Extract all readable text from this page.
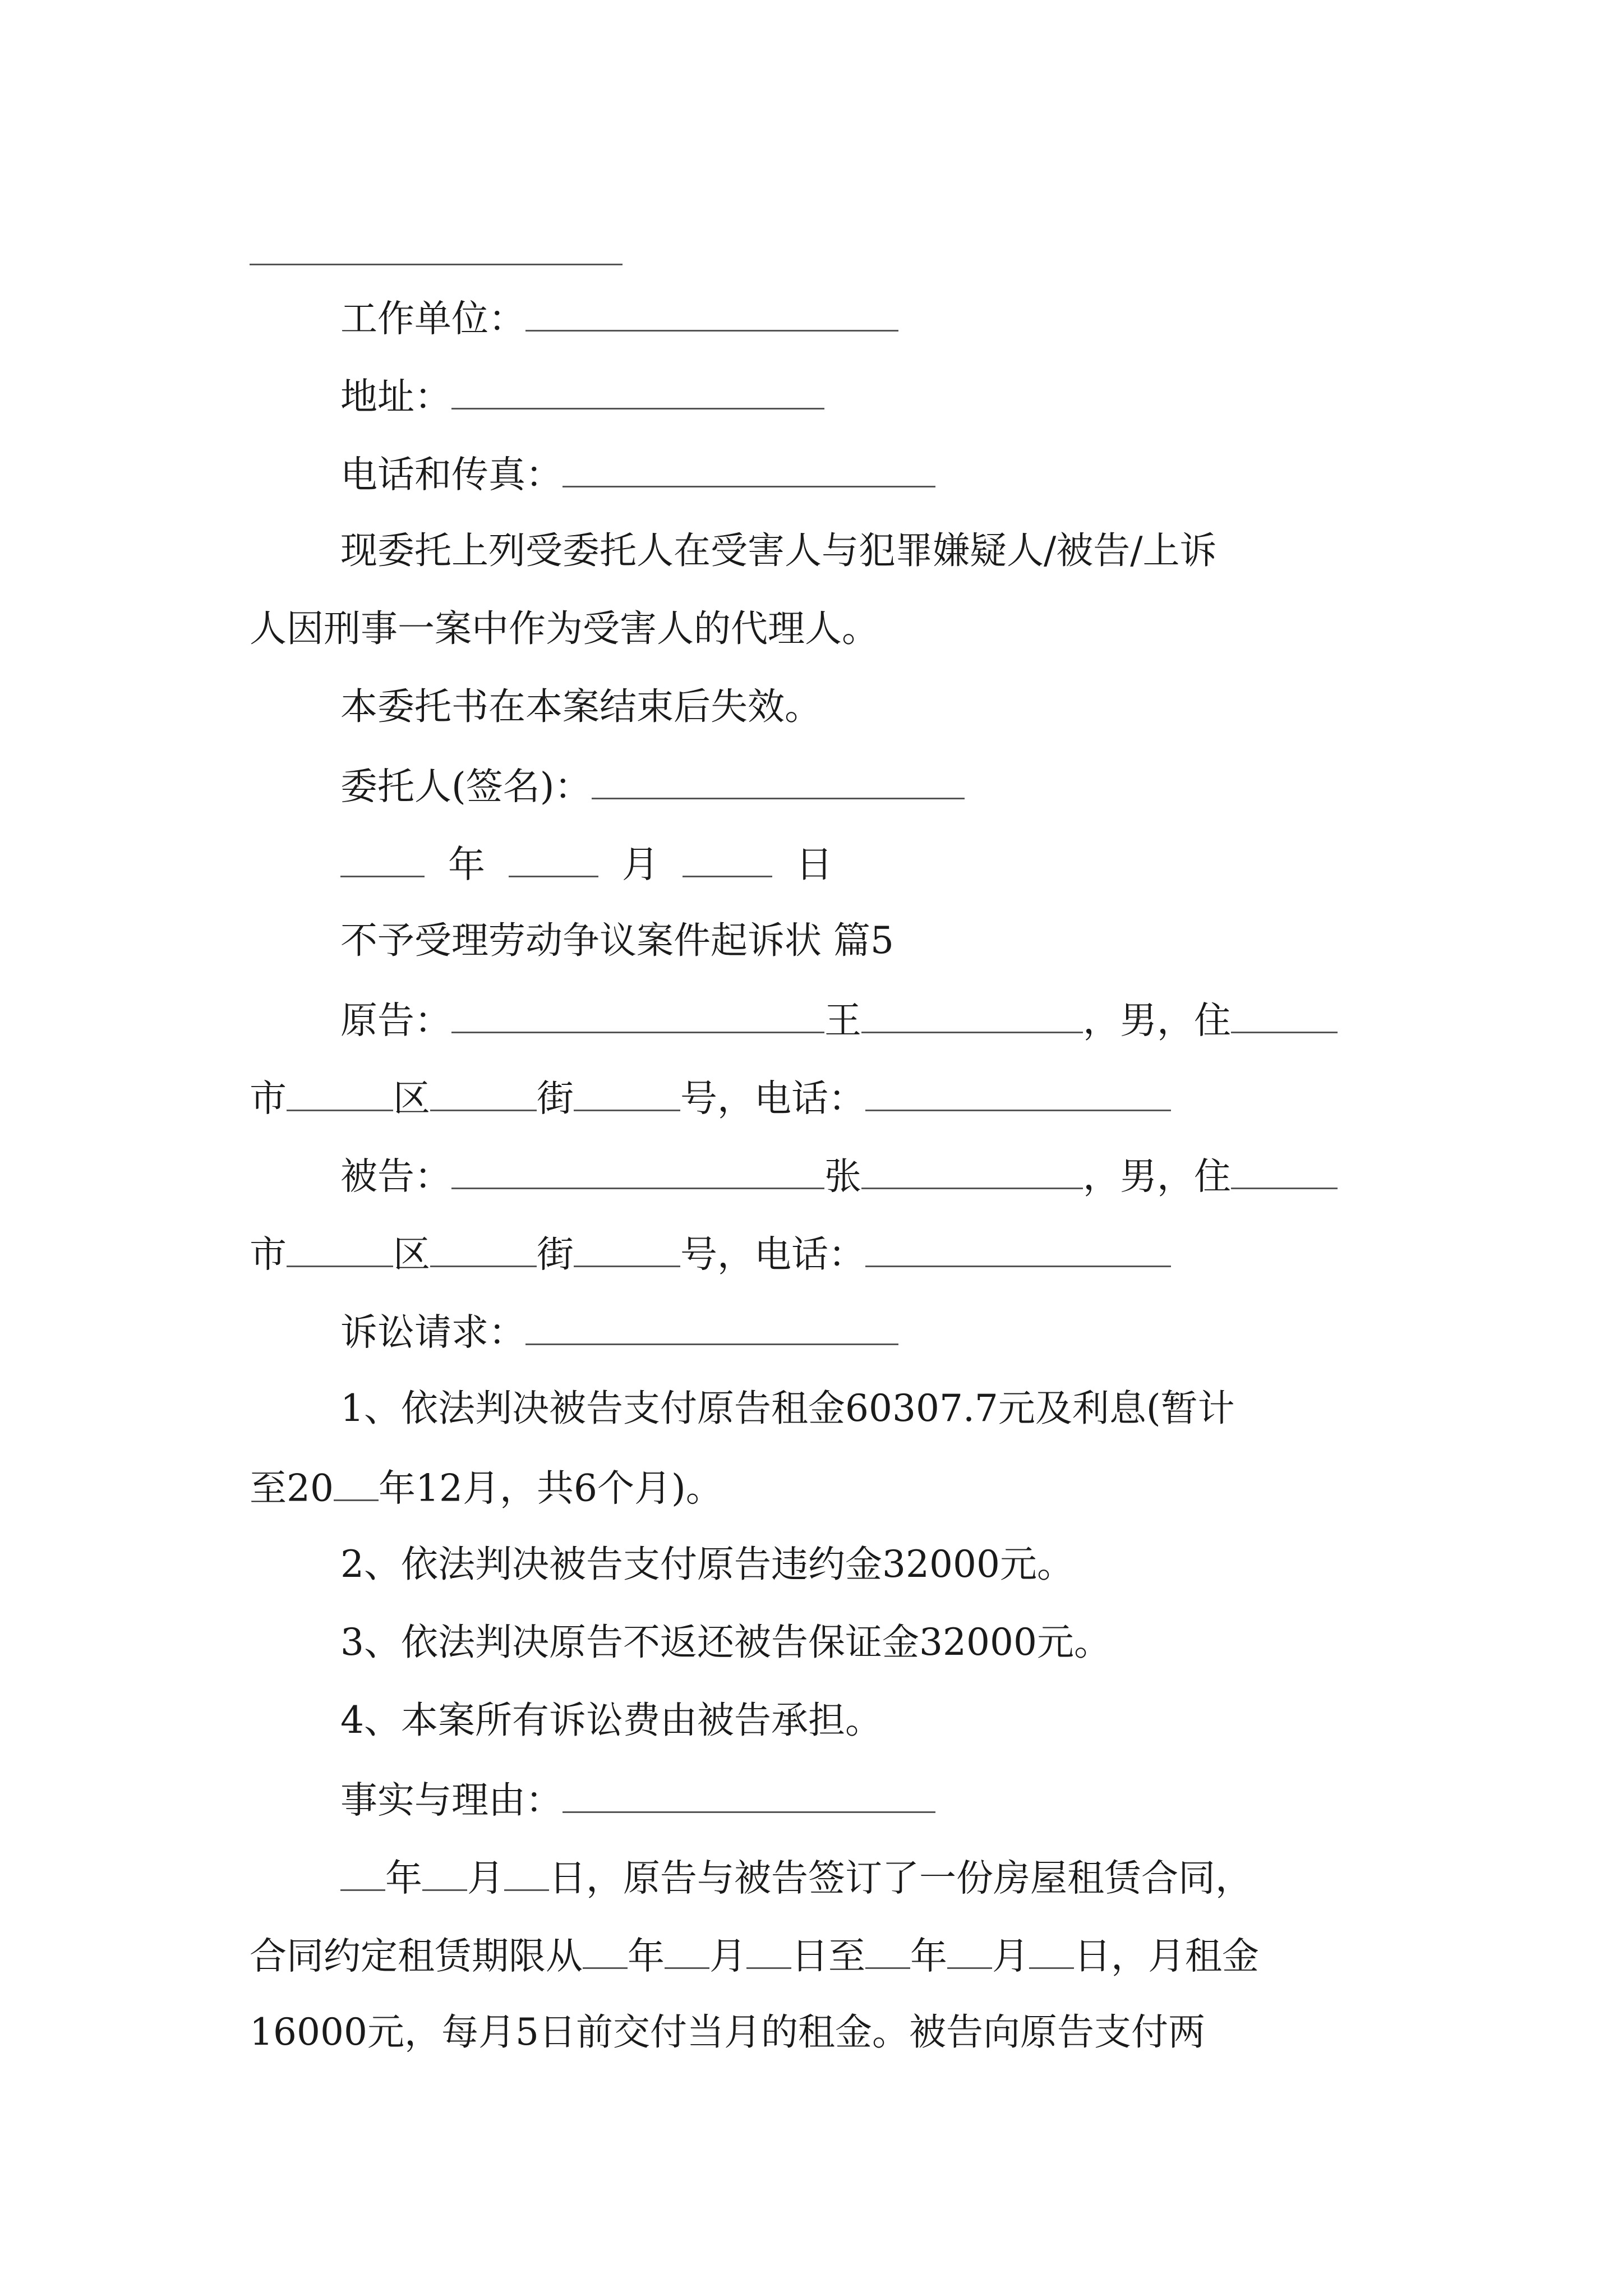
工作单位：
地址：
电话和传真：
现委托上列受委托人在受害人与犯罪嫌疑人/被告/上诉
人因刑事一案中作为受害人的代理人。
本委托书在本案结束后失效。
委托人(签名)：
年	月	日
不予受理劳动争议案件起诉状 篇5
原告：	王	，男，住
市	区	街	号，电话：
被告：	张	，男，住
市	区	街	号，电话：
诉讼请求：
1、依法判决被告支付原告租金60307.7元及利息(暂计
至20 年12月，共6个月)。
2、依法判决被告支付原告违约金32000元。
3、依法判决原告不返还被告保证金32000元。
4、本案所有诉讼费由被告承担。
事实与理由：
年 月 日，原告与被告签订了一份房屋租赁合同，
合同约定租赁期限从 年 月 日至 年 月 日，月租金
16000元，每月5日前交付当月的租金。被告向原告支付两
